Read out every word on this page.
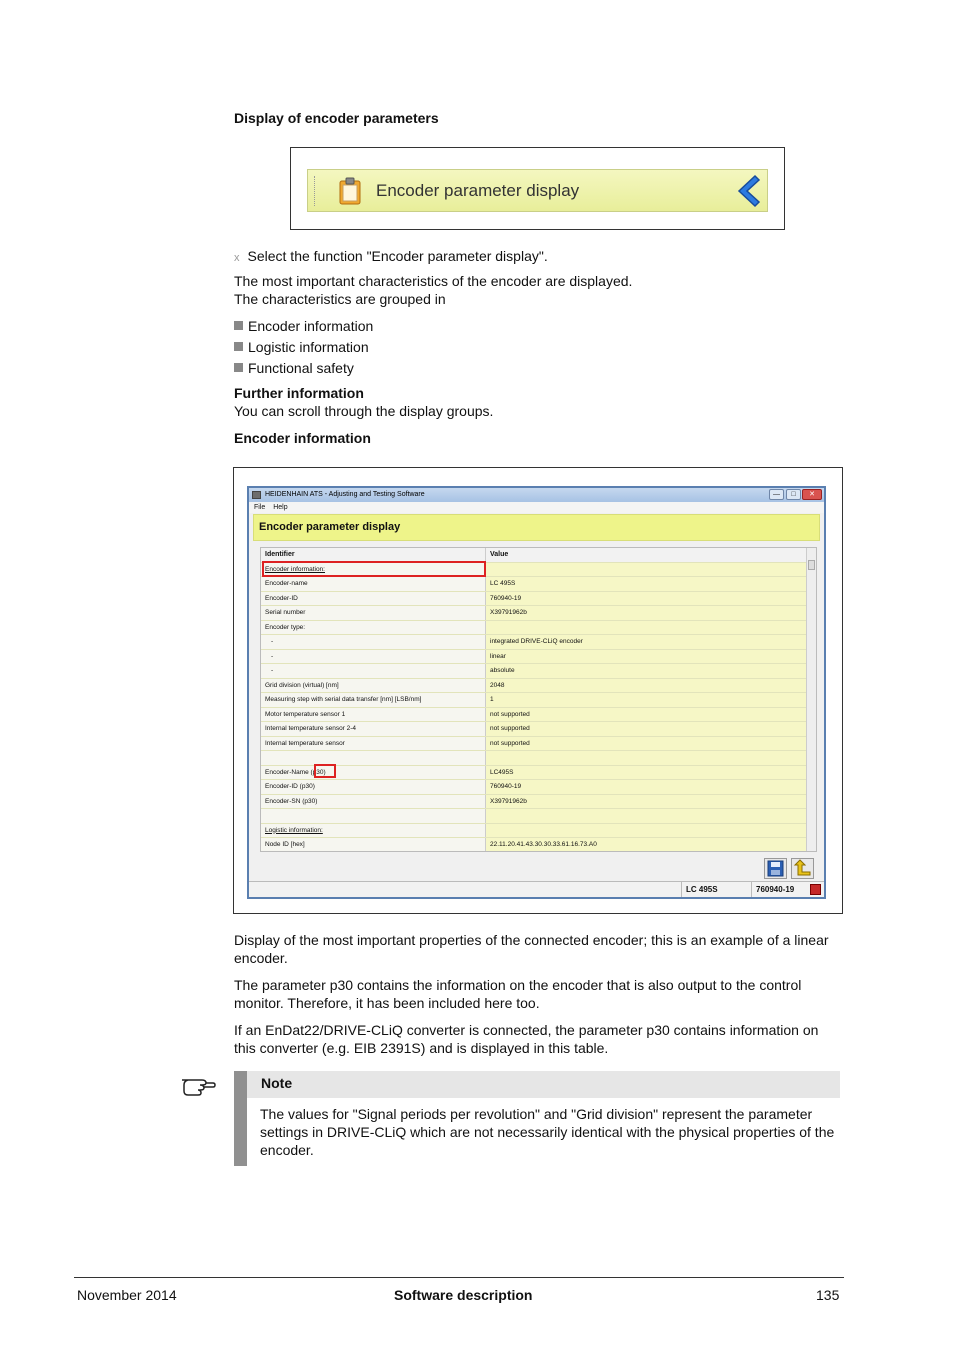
Display of encoder parameters
Encoder parameter display
x Select the function "Encoder parameter display".
The most important characteristics of the encoder are displayed.
The characteristics are grouped in
Encoder information
Logistic information
Functional safety
Further information
You can scroll through the display groups.
Encoder information
HEIDENHAIN ATS - Adjusting and Testing Software	—	□	✕
File Help
Encoder parameter display
Identifier	Value
Encoder information:
Encoder-name	LC 495S
Encoder-ID	760940-19
Serial number	X39791962b
Encoder type:
-	integrated DRIVE-CLiQ encoder
-	linear
-	absolute
Grid division (virtual) [nm]	2048
Measuring step with serial data transfer [nm] [LSB/nm]	1
Motor temperature sensor 1	not supported
Internal temperature sensor 2-4	not supported
Internal temperature sensor	not supported
Encoder-Name (p30)	LC495S
Encoder-ID (p30)	760940-19
Encoder-SN (p30)	X39791962b
Logistic information:
Node ID [hex]	22.11.20.41.43.30.30.33.61.16.73.A0
LC 495S	760940-19
Display of the most important properties of the connected encoder; this is an example of a linear encoder.
The parameter p30 contains the information on the encoder that is also output to the control monitor. Therefore, it has been included here too.
If an EnDat22/DRIVE-CLiQ converter is connected, the parameter p30 contains information on this converter (e.g. EIB 2391S) and is displayed in this table.
Note
The values for "Signal periods per revolution" and "Grid division" represent the parameter settings in DRIVE-CLiQ which are not necessarily identical with the physical properties of the encoder.
November 2014	Software description	135
